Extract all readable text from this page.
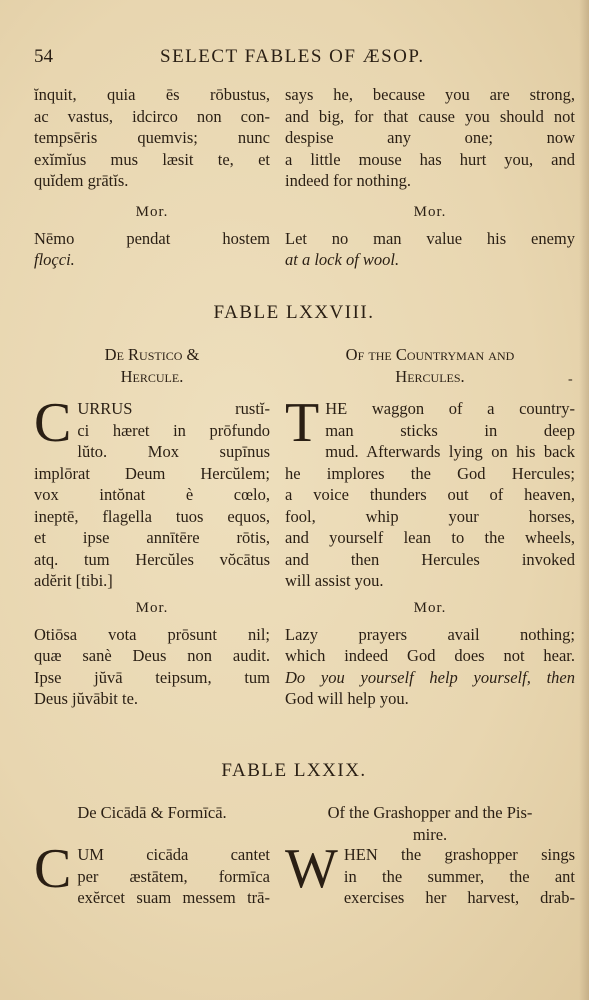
54	SELECT FABLES OF ÆSOP.
ĭnquit, quia ēs rōbustus,
ac vastus, idcirco non con-
tempsēris quemvis; nunc
exĭmĭus mus læsit te, et
quĭdem grātĭs.
says he, because you are strong,
and big, for that cause you should not
despise any one; now
a little mouse has hurt you, and
indeed for nothing.
Mor.
Nēmo pendat hostem
floçci.
Mor.
Let no man value his enemy
at a lock of wool.
FABLE LXXVIII.
De Rustico &
Hercule.
Of the Countryman and
Hercules.	-
C URRUS rustĭ-
ci hæret in prōfundo
lŭto. Mox supīnus
implōrat Deum Hercŭlem;
vox intŏnat è cœlo,
ineptē, flagella tuos equos,
et ipse annītēre rōtis,
atq. tum Hercŭles vŏcātus
adĕrit [tibi.]
T HE waggon of a country-
man sticks in deep
mud. Afterwards lying on his back
he implores the God Hercules;
a voice thunders out of heaven,
fool, whip your horses,
and yourself lean to the wheels,
and then Hercules invoked
will assist you.
Mor.
Otiōsa vota prōsunt nil;
quæ sanè Deus non audit.
Ipse jŭvā teipsum, tum
Deus jŭvābit te.
Mor.
Lazy prayers avail nothing;
which indeed God does not hear.
Do you yourself help yourself, then
God will help you.
FABLE LXXIX.
De Cicādā & Formīcā.	Of the Grashopper and the Pis-
mire.
C UM cicāda cantet
per æstātem, formīca
exĕrcet suam messem trā- W HEN the grashopper sings
in the summer, the ant
exercises her harvest, drab-
